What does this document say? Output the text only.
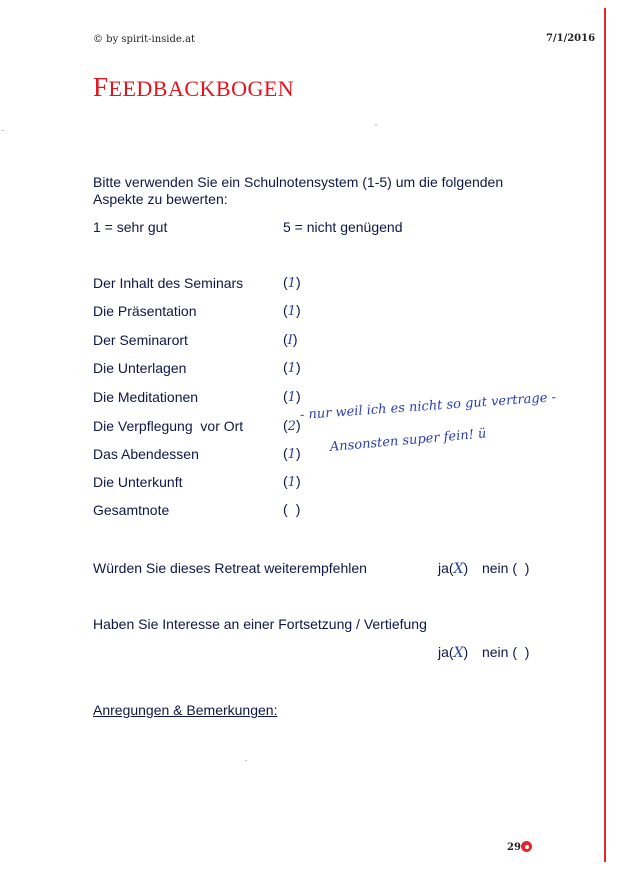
© by spirit-inside.at	7/1/2016
FEEDBACKBOGEN
Bitte verwenden Sie ein Schulnotensystem (1-5) um die folgenden Aspekte zu bewerten:
1 = sehr gut	5 = nicht genügend
Der Inhalt des Seminars	(1)
Die Präsentation	(1)
Der Seminarort	(I)
Die Unterlagen	(1)
Die Meditationen	(1)
Die Verpflegung  vor Ort	(2)
Das Abendessen	(1)
Die Unterkunft	(1)
Gesamtnote	( )
- nur weil ich es nicht so gut vertrage -
Ansonsten super fein! ü
Würden Sie dieses Retreat weiterempfehlen	ja(X) nein (  )
Haben Sie Interesse an einer Fortsetzung / Vertiefung
ja(X) nein (  )
Anregungen & Bemerkungen:
29
